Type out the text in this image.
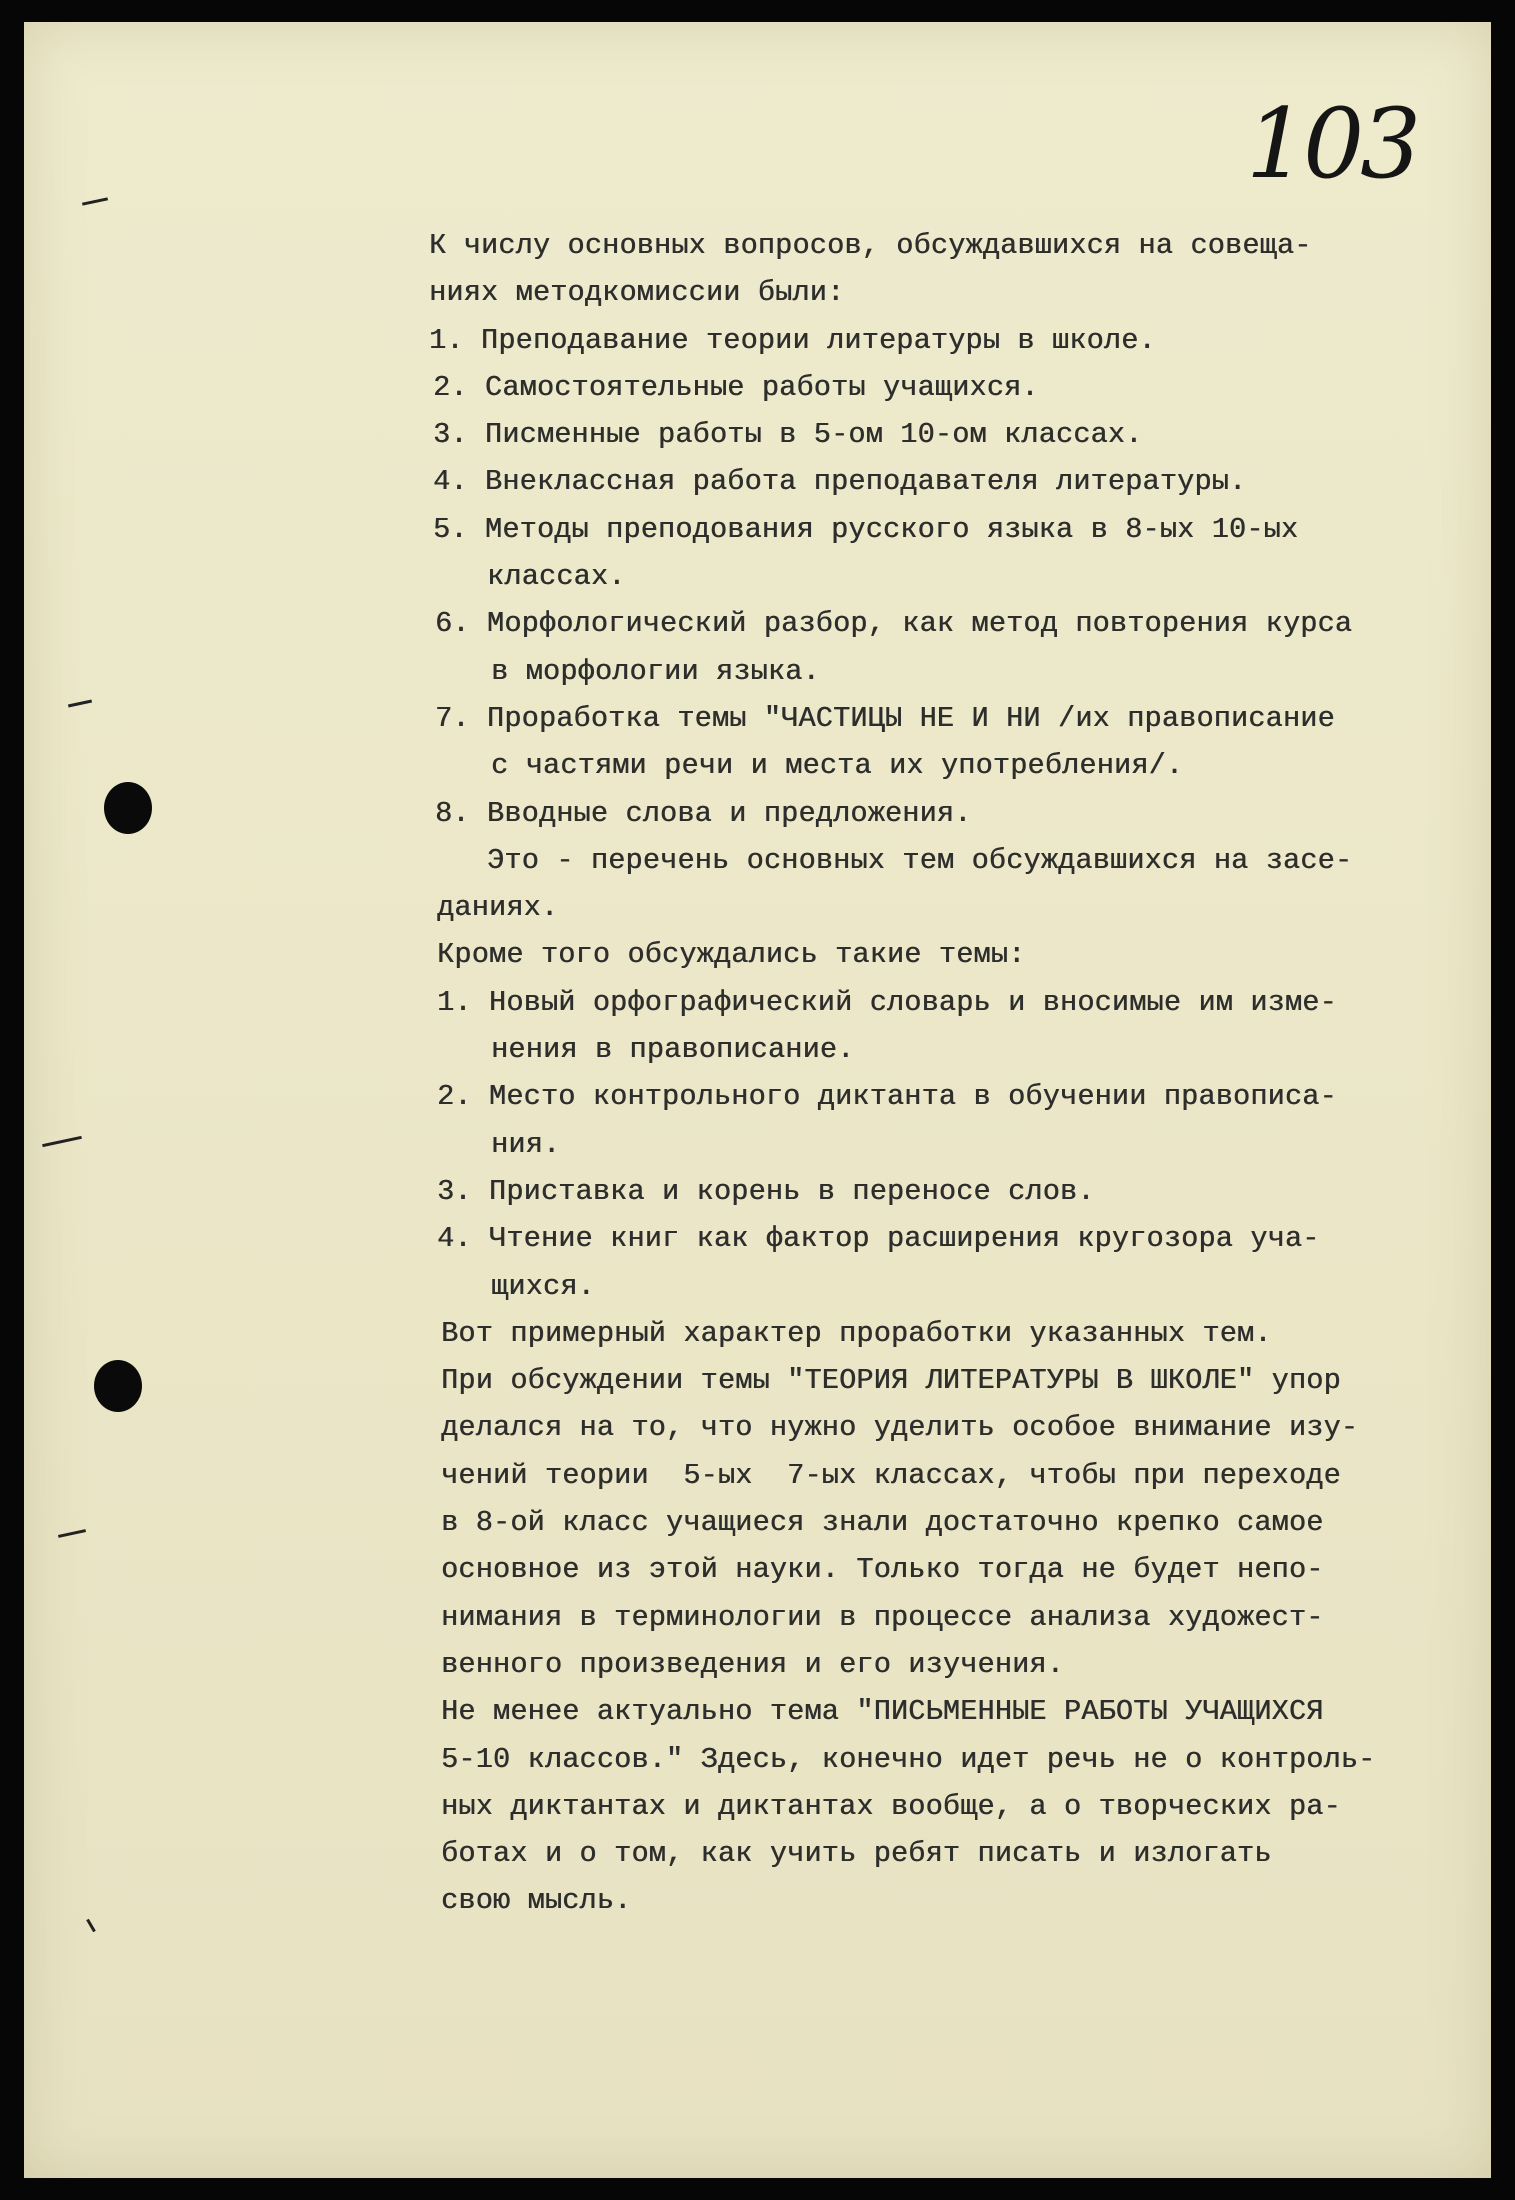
103

К числу основных вопросов, обсуждавшихся на совеща-
ниях методкомиссии были:
1. Преподавание теории литературы в школе.
2. Самостоятельные работы учащихся.
3. Писменные работы в 5-ом 10-ом классах.
4. Внеклассная работа преподавателя литературы.
5. Методы преподования русского языка в 8-ых 10-ых
классах.
6. Морфологический разбор, как метод повторения курса
в морфологии языка.
7. Проработка темы "ЧАСТИЦЫ НЕ И НИ /их правописание
с частями речи и места их употребления/.
8. Вводные слова и предложения.
Это - перечень основных тем обсуждавшихся на засе-
даниях.
Кроме того обсуждались такие темы:
1. Новый орфографический словарь и вносимые им изме-
нения в правописание.
2. Место контрольного диктанта в обучении правописа-
ния.
3. Приставка и корень в переносе слов.
4. Чтение книг как фактор расширения кругозора уча-
щихся.
Вот примерный характер проработки указанных тем.
При обсуждении темы "ТЕОРИЯ ЛИТЕРАТУРЫ В ШКОЛЕ" упор
делался на то, что нужно уделить особое внимание изу-
чений теории  5-ых  7-ых классах, чтобы при переходе
в 8-ой класс учащиеся знали достаточно крепко самое
основное из этой науки. Только тогда не будет непо-
нимания в терминологии в процессе анализа художест-
венного произведения и его изучения.
Не менее актуально тема "ПИСЬМЕННЫЕ РАБОТЫ УЧАЩИХСЯ
5-10 классов." Здесь, конечно идет речь не о контроль-
ных диктантах и диктантах вообще, а о творческих ра-
ботах и о том, как учить ребят писать и излогать
свою мысль.
